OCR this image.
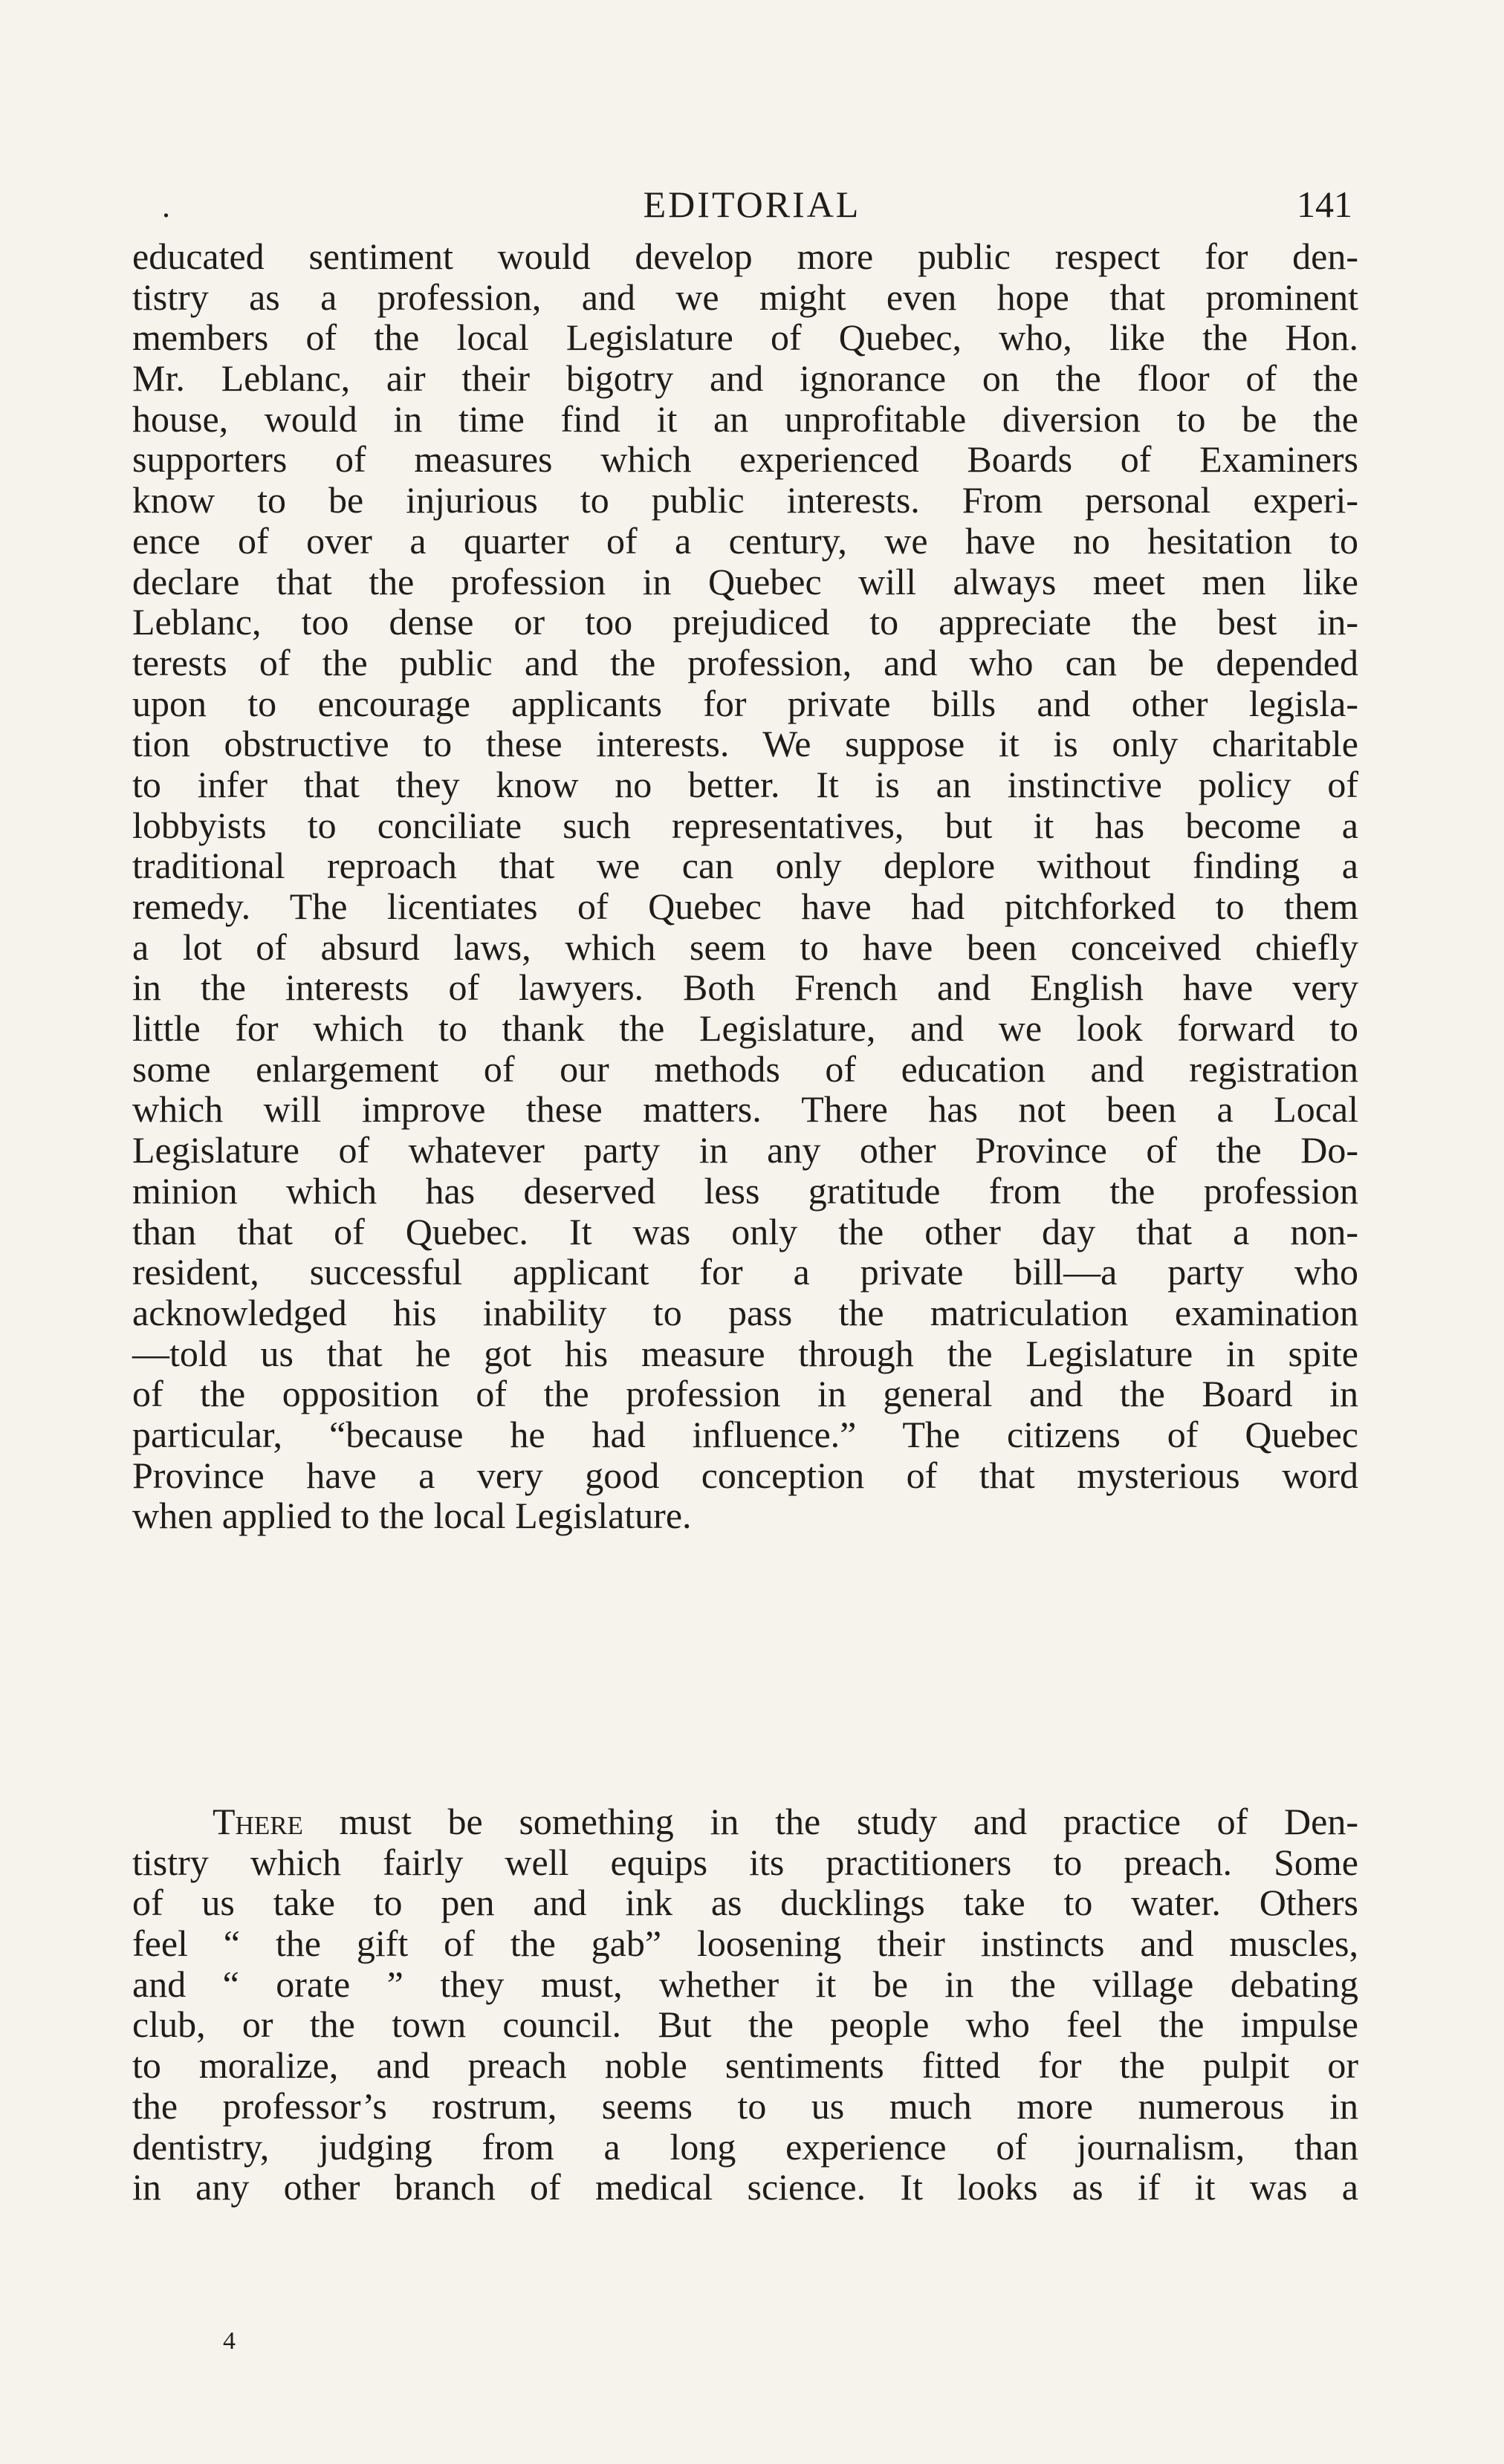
.	EDITORIAL	141
educated sentiment would develop more public respect for den-
tistry as a profession, and we might even hope that prominent
members of the local Legislature of Quebec, who, like the Hon.
Mr. Leblanc, air their bigotry and ignorance on the floor of the
house, would in time find it an unprofitable diversion to be the
supporters of measures which experienced Boards of Examiners
know to be injurious to public interests. From personal experi-
ence of over a quarter of a century, we have no hesitation to
declare that the profession in Quebec will always meet men like
Leblanc, too dense or too prejudiced to appreciate the best in-
terests of the public and the profession, and who can be depended
upon to encourage applicants for private bills and other legisla-
tion obstructive to these interests. We suppose it is only charitable
to infer that they know no better. It is an instinctive policy of
lobbyists to conciliate such representatives, but it has become a
traditional reproach that we can only deplore without finding a
remedy. The licentiates of Quebec have had pitchforked to them
a lot of absurd laws, which seem to have been conceived chiefly
in the interests of lawyers. Both French and English have very
little for which to thank the Legislature, and we look forward to
some enlargement of our methods of education and registration
which will improve these matters. There has not been a Local
Legislature of whatever party in any other Province of the Do-
minion which has deserved less gratitude from the profession
than that of Quebec. It was only the other day that a non-
resident, successful applicant for a private bill—a party who
acknowledged his inability to pass the matriculation examination
—told us that he got his measure through the Legislature in spite
of the opposition of the profession in general and the Board in
particular, “because he had influence.” The citizens of Quebec
Province have a very good conception of that mysterious word
when applied to the local Legislature.
There must be something in the study and practice of Den-
tistry which fairly well equips its practitioners to preach. Some
of us take to pen and ink as ducklings take to water. Others
feel “ the gift of the gab” loosening their instincts and muscles,
and “ orate ” they must, whether it be in the village debating
club, or the town council. But the people who feel the impulse
to moralize, and preach noble sentiments fitted for the pulpit or
the professor’s rostrum, seems to us much more numerous in
dentistry, judging from a long experience of journalism, than
in any other branch of medical science. It looks as if it was a
4
